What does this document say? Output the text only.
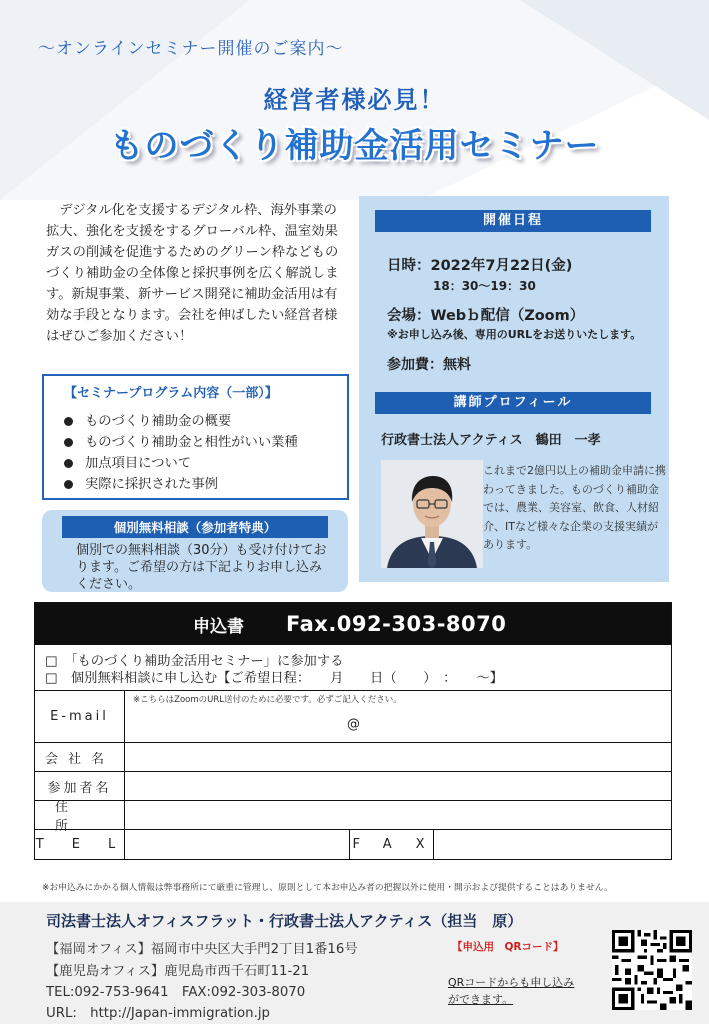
～オンラインセミナー開催のご案内～
経営者様必見！
ものづくり補助金活用セミナー

デジタル化を支援するデジタル枠、海外事業の拡大、強化を支援をするグローバル枠、温室効果ガスの削減を促進するためのグリーン枠などものづくり補助金の全体像と採択事例を広く解説します。新規事業、新サービス開発に補助金活用は有効な手段となります。会社を伸ばしたい経営者様はぜひご参加ください！

【セミナープログラム内容（一部）】
ものづくり補助金の概要
ものづくり補助金と相性がいい業種
加点項目について
実際に採択された事例
個別無料相談（参加者特典）
個別での無料相談（30分）も受け付けております。ご希望の方は下記よりお申し込みください。
開催日程
日時：2022年7月22日(金)
18：30～19：30
会場：Webｂ配信（Zoom）
※お申し込み後、専用のURLをお送りいたします。
参加費：無料
講師プロフィール
行政書士法人アクティス　鶴田　一孝
これまで2億円以上の補助金申請に携わってきました。ものづくり補助金では、農業、美容室、飲食、人材紹介、ITなど様々な企業の支援実績があります。
申込書 Fax.092-303-8070
□　「ものづくり補助金活用セミナー」に参加する
□　個別無料相談に申し込む【ご希望日程：　　月　　日（　　）　：　　～】
E-mail
※こちらはZoomのURL送付のために必要です。必ずご記入ください。
@
会社名
参加者名
住所
TEL	FAX
※お申込みにかかる個人情報は弊事務所にて厳重に管理し、原則として本お申込み者の把握以外に使用・開示および提供することはありません。
司法書士法人オフィスフラット・行政書士法人アクティス（担当　原）
【福岡オフィス】福岡市中央区大手門2丁目1番16号
【鹿児島オフィス】鹿児島市西千石町11-21
TEL:092-753-9641　FAX:092-303-8070
URL:　http://Japan-immigration.jp
【申込用　QRコード】
QRコードからも申し込み
ができます。
